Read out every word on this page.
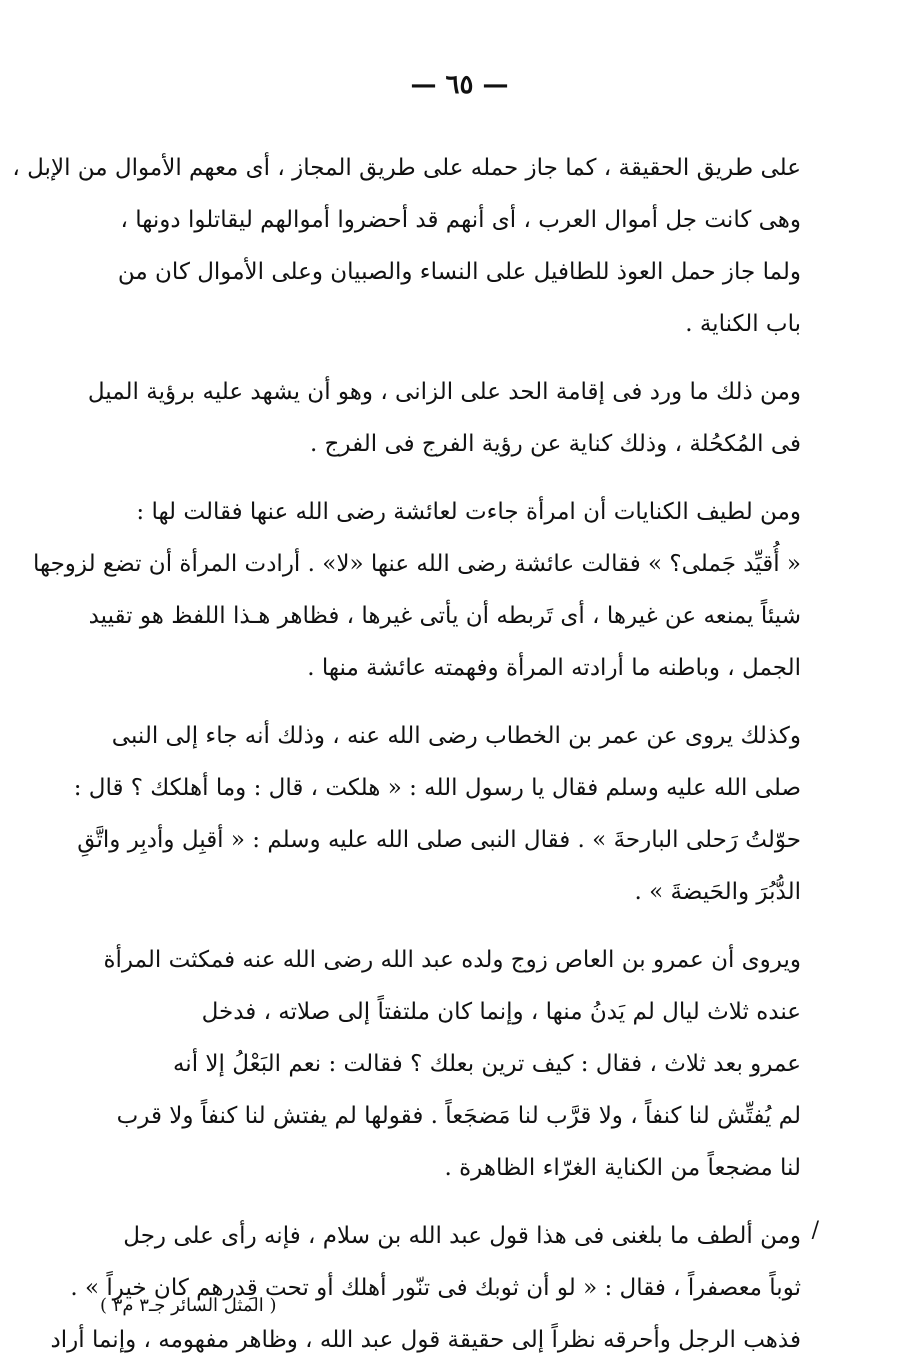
— ٦٥ —
على طريق الحقيقة ، كما جاز حمله على طريق المجاز ، أى معهم الأموال من الإبل ،
وهى كانت جل أموال العرب ، أى أنهم قد أحضروا أموالهم ليقاتلوا دونها ،
ولما جاز حمل العوذ للطافيل على النساء والصبيان وعلى الأموال كان من
باب الكناية .
ومن ذلك ما ورد فى إقامة الحد على الزانى ، وهو أن يشهد عليه برؤية الميل
فى المُكحُلة ، وذلك كناية عن رؤية الفرج فى الفرج .
ومن لطيف الكنايات أن امرأة جاءت لعائشة رضى الله عنها فقالت لها :
« أُقيِّد جَملى؟ » فقالت عائشة رضى الله عنها «لا» . أرادت المرأة أن تضع لزوجها
شيئاً يمنعه عن غيرها ، أى تَربطه أن يأتى غيرها ، فظاهر هـذا اللفظ هو تقييد
الجمل ، وباطنه ما أرادته المرأة وفهمته عائشة منها .
وكذلك يروى عن عمر بن الخطاب رضى الله عنه ، وذلك أنه جاء إلى النبى
صلى الله عليه وسلم فقال يا رسول الله : « هلكت ، قال : وما أهلكك ؟ قال :
حوّلتُ رَحلى البارحةَ » . فقال النبى صلى الله عليه وسلم : « أقبِل وأدبِر واتَّقِ
الدُّبُرَ والحَيضةَ » .
ويروى أن عمرو بن العاص زوج ولده عبد الله رضى الله عنه فمكثت المرأة
عنده ثلاث ليال لم يَدنُ منها ، وإنما كان ملتفتاً إلى صلاته ، فدخل
عمرو بعد ثلاث ، فقال : كيف ترين بعلك ؟ فقالت : نعم البَعْلُ إلا أنه
لم يُفتِّش لنا كنفاً ، ولا قرَّب لنا مَضجَعاً . فقولها لم يفتش لنا كنفاً ولا قرب
لنا مضجعاً من الكناية الغرّاء الظاهرة .
ومن ألطف ما بلغنى فى هذا قول عبد الله بن سلام ، فإنه رأى على رجل
ثوباً معصفراً ، فقال : « لو أن ثوبك فى تنّور أهلك أو تحت قِدرهم كان خيراً » .
فذهب الرجل وأحرقه نظراً إلى حقيقة قول عبد الله ، وظاهر مفهومه ، وإنما أراد
/
( المثل السائر جـ٣ م٣ )
